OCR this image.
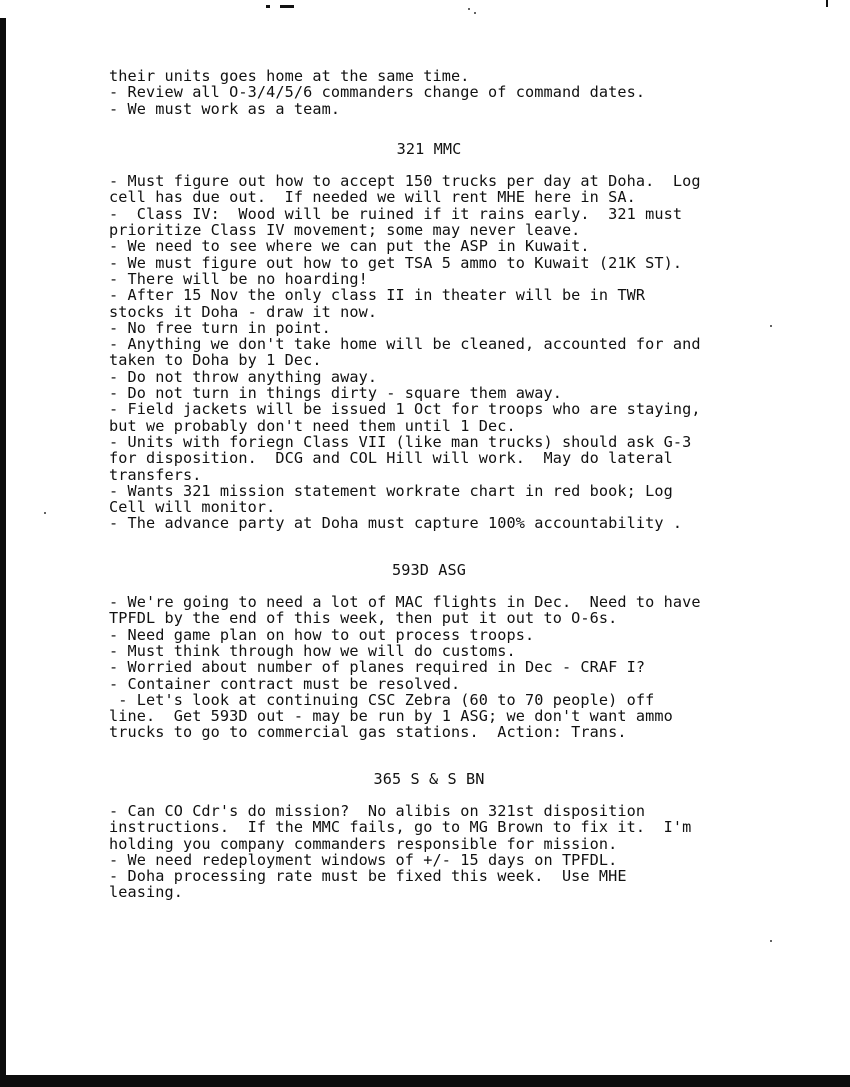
their units goes home at the same time.

- Review all O-3/4/5/6 commanders change of command dates.

- We must work as a team.

321 MMC

- Must figure out how to accept 150 trucks per day at Doha.  Log

cell has due out.  If needed we will rent MHE here in SA.

-  Class IV:  Wood will be ruined if it rains early.  321 must

prioritize Class IV movement; some may never leave.

- We need to see where we can put the ASP in Kuwait.

- We must figure out how to get TSA 5 ammo to Kuwait (21K ST).

- There will be no hoarding!

- After 15 Nov the only class II in theater will be in TWR

stocks it Doha - draw it now.

- No free turn in point.

- Anything we don't take home will be cleaned, accounted for and

taken to Doha by 1 Dec.

- Do not throw anything away.

- Do not turn in things dirty - square them away.

- Field jackets will be issued 1 Oct for troops who are staying,

but we probably don't need them until 1 Dec.

- Units with foriegn Class VII (like man trucks) should ask G-3

for disposition.  DCG and COL Hill will work.  May do lateral

transfers.

- Wants 321 mission statement workrate chart in red book; Log

Cell will monitor.

- The advance party at Doha must capture 100% accountability .

593D ASG

- We're going to need a lot of MAC flights in Dec.  Need to have

TPFDL by the end of this week, then put it out to O-6s.

- Need game plan on how to out process troops.

- Must think through how we will do customs.

- Worried about number of planes required in Dec - CRAF I?

- Container contract must be resolved.

- Let's look at continuing CSC Zebra (60 to 70 people) off

line.  Get 593D out - may be run by 1 ASG; we don't want ammo

trucks to go to commercial gas stations.  Action: Trans.

365 S & S BN

- Can CO Cdr's do mission?  No alibis on 321st disposition

instructions.  If the MMC fails, go to MG Brown to fix it.  I'm

holding you company commanders responsible for mission.

- We need redeployment windows of +/- 15 days on TPFDL.

- Doha processing rate must be fixed this week.  Use MHE

leasing.
